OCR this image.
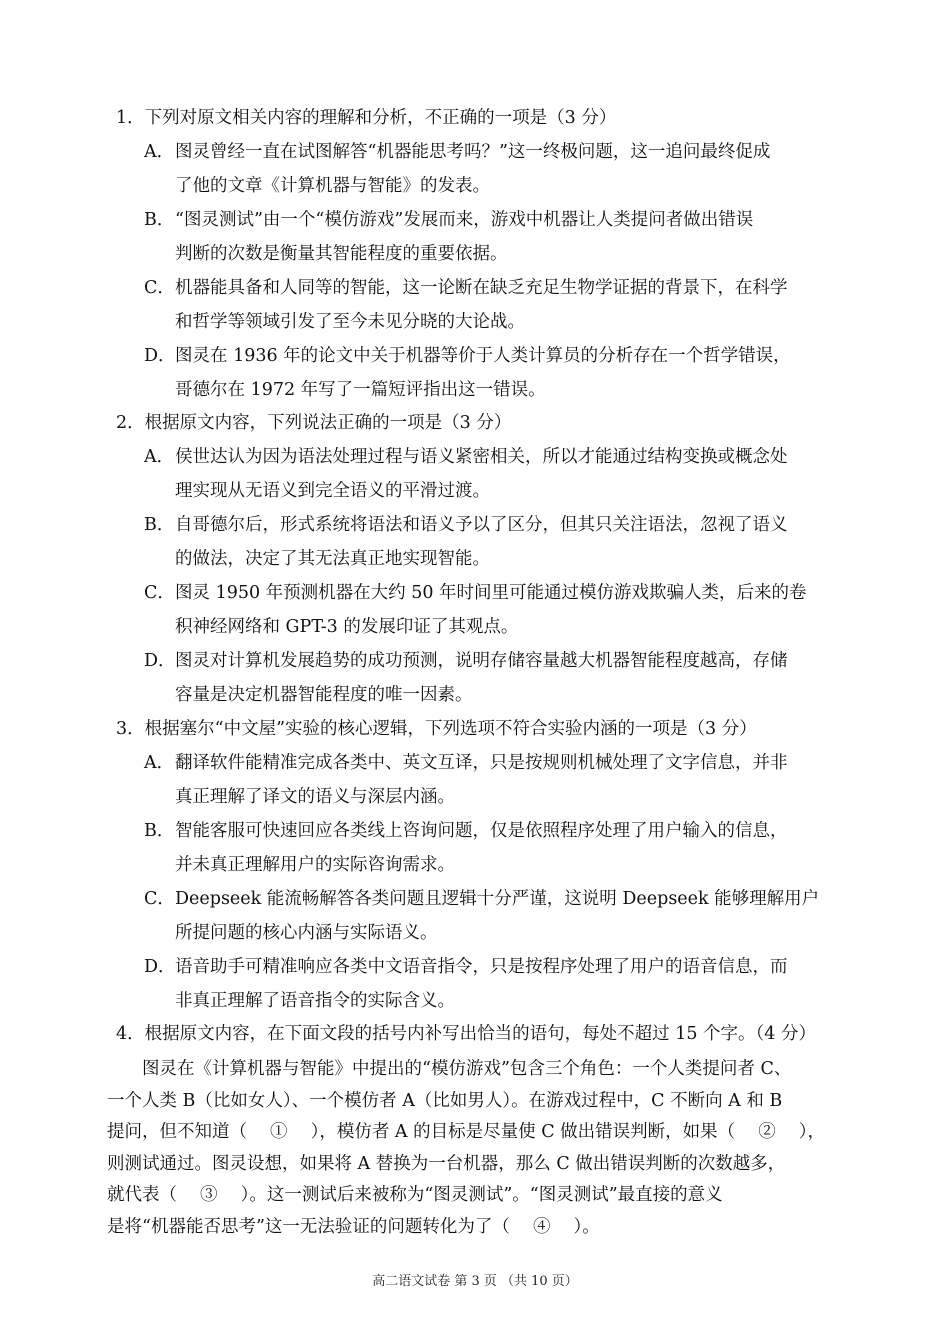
1．下列对原文相关内容的理解和分析，不正确的一项是（3 分）
A． 图灵曾经一直在试图解答“机器能思考吗？”这一终极问题，这一追问最终促成
了他的文章《计算机器与智能》的发表。
B． “图灵测试”由一个“模仿游戏”发展而来，游戏中机器让人类提问者做出错误
判断的次数是衡量其智能程度的重要依据。
C． 机器能具备和人同等的智能，这一论断在缺乏充足生物学证据的背景下，在科学
和哲学等领域引发了至今未见分晓的大论战。
D． 图灵在 1936 年的论文中关于机器等价于人类计算员的分析存在一个哲学错误，
哥德尔在 1972 年写了一篇短评指出这一错误。
2．根据原文内容，下列说法正确的一项是（3 分）
A． 侯世达认为因为语法处理过程与语义紧密相关，所以才能通过结构变换或概念处
理实现从无语义到完全语义的平滑过渡。
B． 自哥德尔后，形式系统将语法和语义予以了区分，但其只关注语法，忽视了语义
的做法，决定了其无法真正地实现智能。
C． 图灵 1950 年预测机器在大约 50 年时间里可能通过模仿游戏欺骗人类，后来的卷
积神经网络和 GPT-3 的发展印证了其观点。
D． 图灵对计算机发展趋势的成功预测，说明存储容量越大机器智能程度越高，存储
容量是决定机器智能程度的唯一因素。
3．根据塞尔“中文屋”实验的核心逻辑，下列选项不符合实验内涵的一项是（3 分）
A． 翻译软件能精准完成各类中、英文互译，只是按规则机械处理了文字信息，并非
真正理解了译文的语义与深层内涵。
B． 智能客服可快速回应各类线上咨询问题，仅是依照程序处理了用户输入的信息，
并未真正理解用户的实际咨询需求。
C． Deepseek 能流畅解答各类问题且逻辑十分严谨，这说明 Deepseek 能够理解用户
所提问题的核心内涵与实际语义。
D． 语音助手可精准响应各类中文语音指令，只是按程序处理了用户的语音信息，而
非真正理解了语音指令的实际含义。
4．根据原文内容，在下面文段的括号内补写出恰当的语句，每处不超过 15 个字。（4 分）
　　图灵在《计算机器与智能》中提出的“模仿游戏”包含三个角色：一个人类提问者 C、
一个人类 B（比如女人）、一个模仿者 A（比如男人）。在游戏过程中，C 不断向 A 和 B
提问，但不知道（　 ①　 ），模仿者 A 的目标是尽量使 C 做出错误判断，如果（　 ②　 ），
则测试通过。图灵设想，如果将 A 替换为一台机器，那么 C 做出错误判断的次数越多，
就代表（　 ③　 ）。这一测试后来被称为“图灵测试”。“图灵测试”最直接的意义
是将“机器能否思考”这一无法验证的问题转化为了（　 ④　 ）。
高二语文试卷 第 3 页 （共 10 页）
